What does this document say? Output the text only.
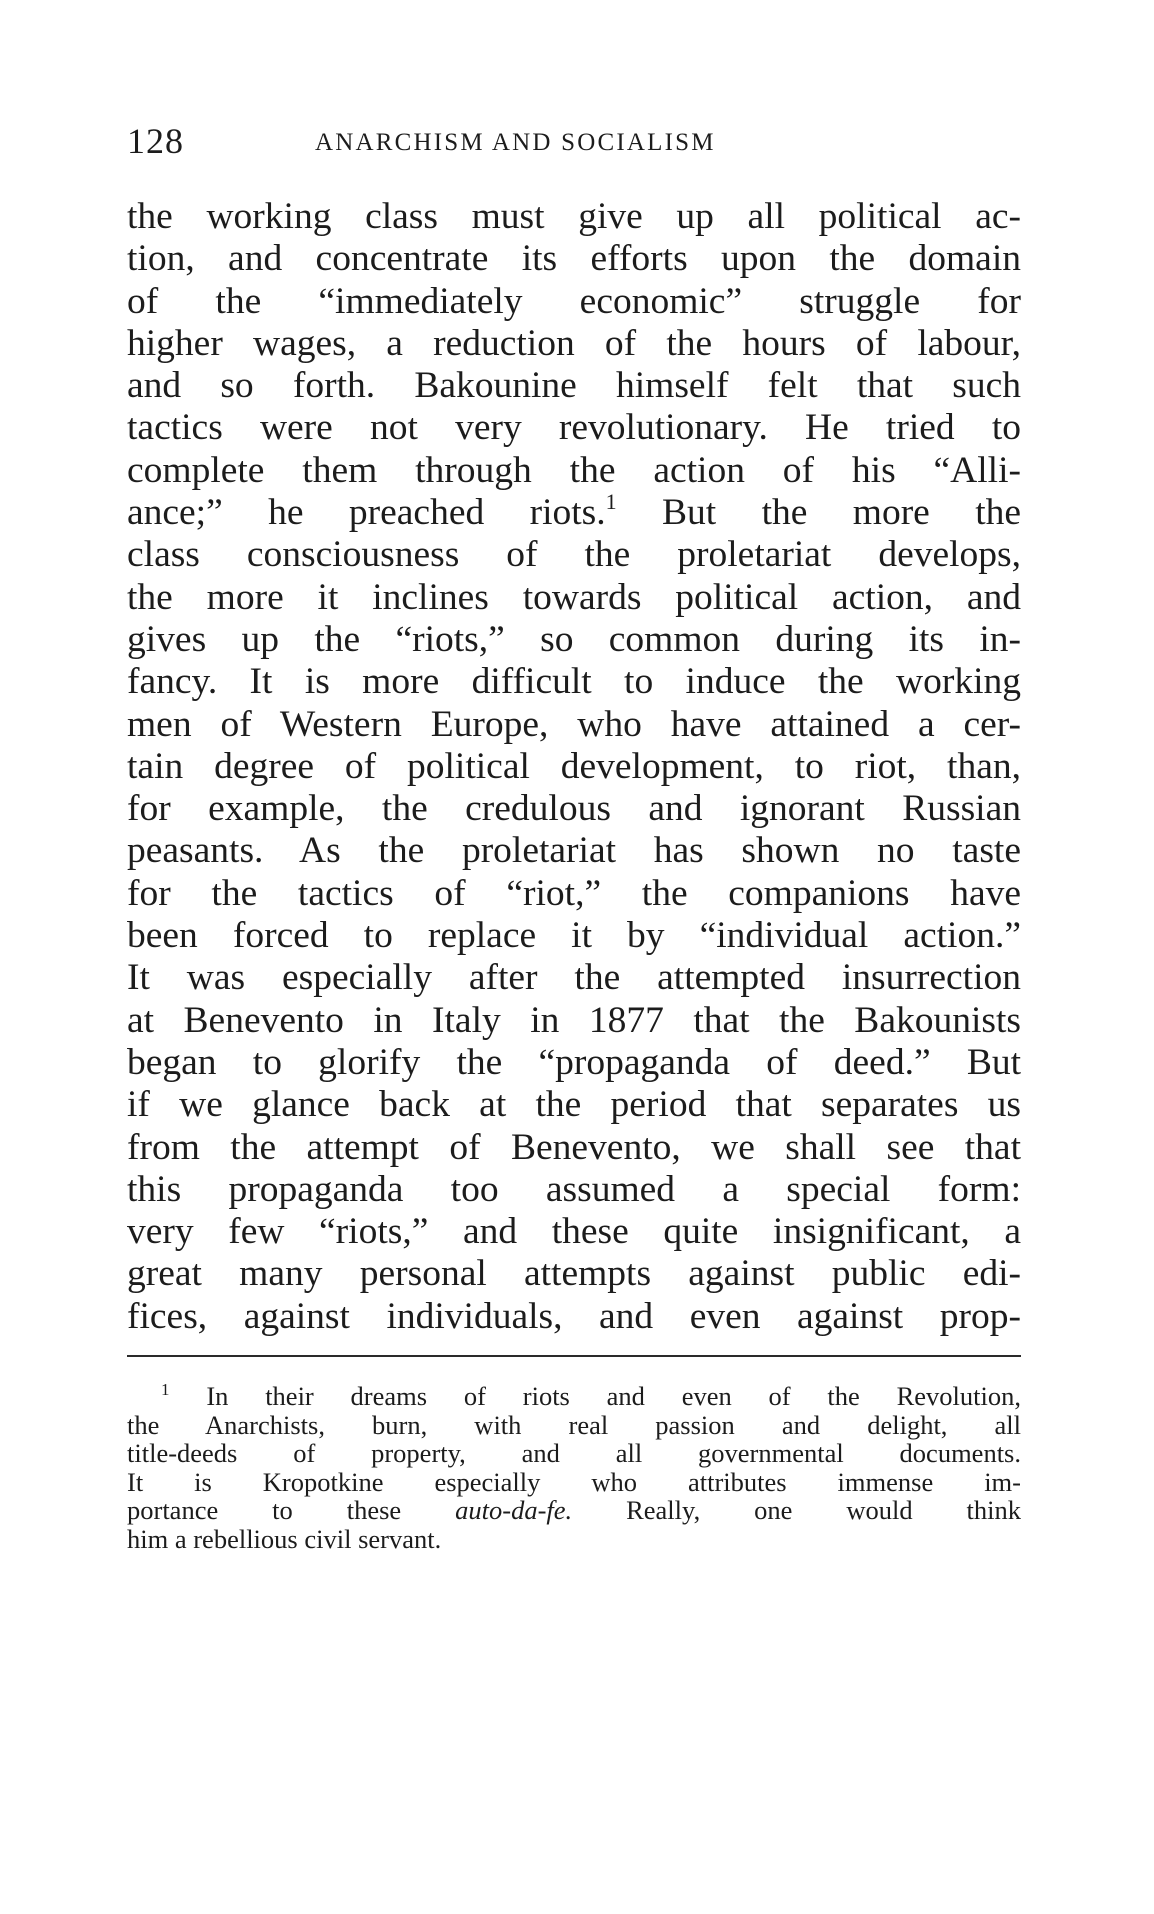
128	ANARCHISM AND SOCIALISM
the working class must give up all political ac-
tion, and concentrate its efforts upon the domain
of the “immediately economic” struggle for
higher wages, a reduction of the hours of labour,
and so forth. Bakounine himself felt that such
tactics were not very revolutionary. He tried to
complete them through the action of his “Alli-
ance;” he preached riots.$^1$ But the more the
class consciousness of the proletariat develops,
the more it inclines towards political action, and
gives up the “riots,” so common during its in-
fancy. It is more difficult to induce the working
men of Western Europe, who have attained a cer-
tain degree of political development, to riot, than,
for example, the credulous and ignorant Russian
peasants. As the proletariat has shown no taste
for the tactics of “riot,” the companions have
been forced to replace it by “individual action.”
It was especially after the attempted insurrection
at Benevento in Italy in 1877 that the Bakounists
began to glorify the “propaganda of deed.” But
if we glance back at the period that separates us
from the attempt of Benevento, we shall see that
this propaganda too assumed a special form:
very few “riots,” and these quite insignificant, a
great many personal attempts against public edi-
fices, against individuals, and even against prop-
$^1$ In their dreams of riots and even of the Revolution,
the Anarchists, burn, with real passion and delight, all
title-deeds of property, and all governmental documents.
It is Kropotkine especially who attributes immense im-
portance to these auto-da-fe. Really, one would think
him a rebellious civil servant.
